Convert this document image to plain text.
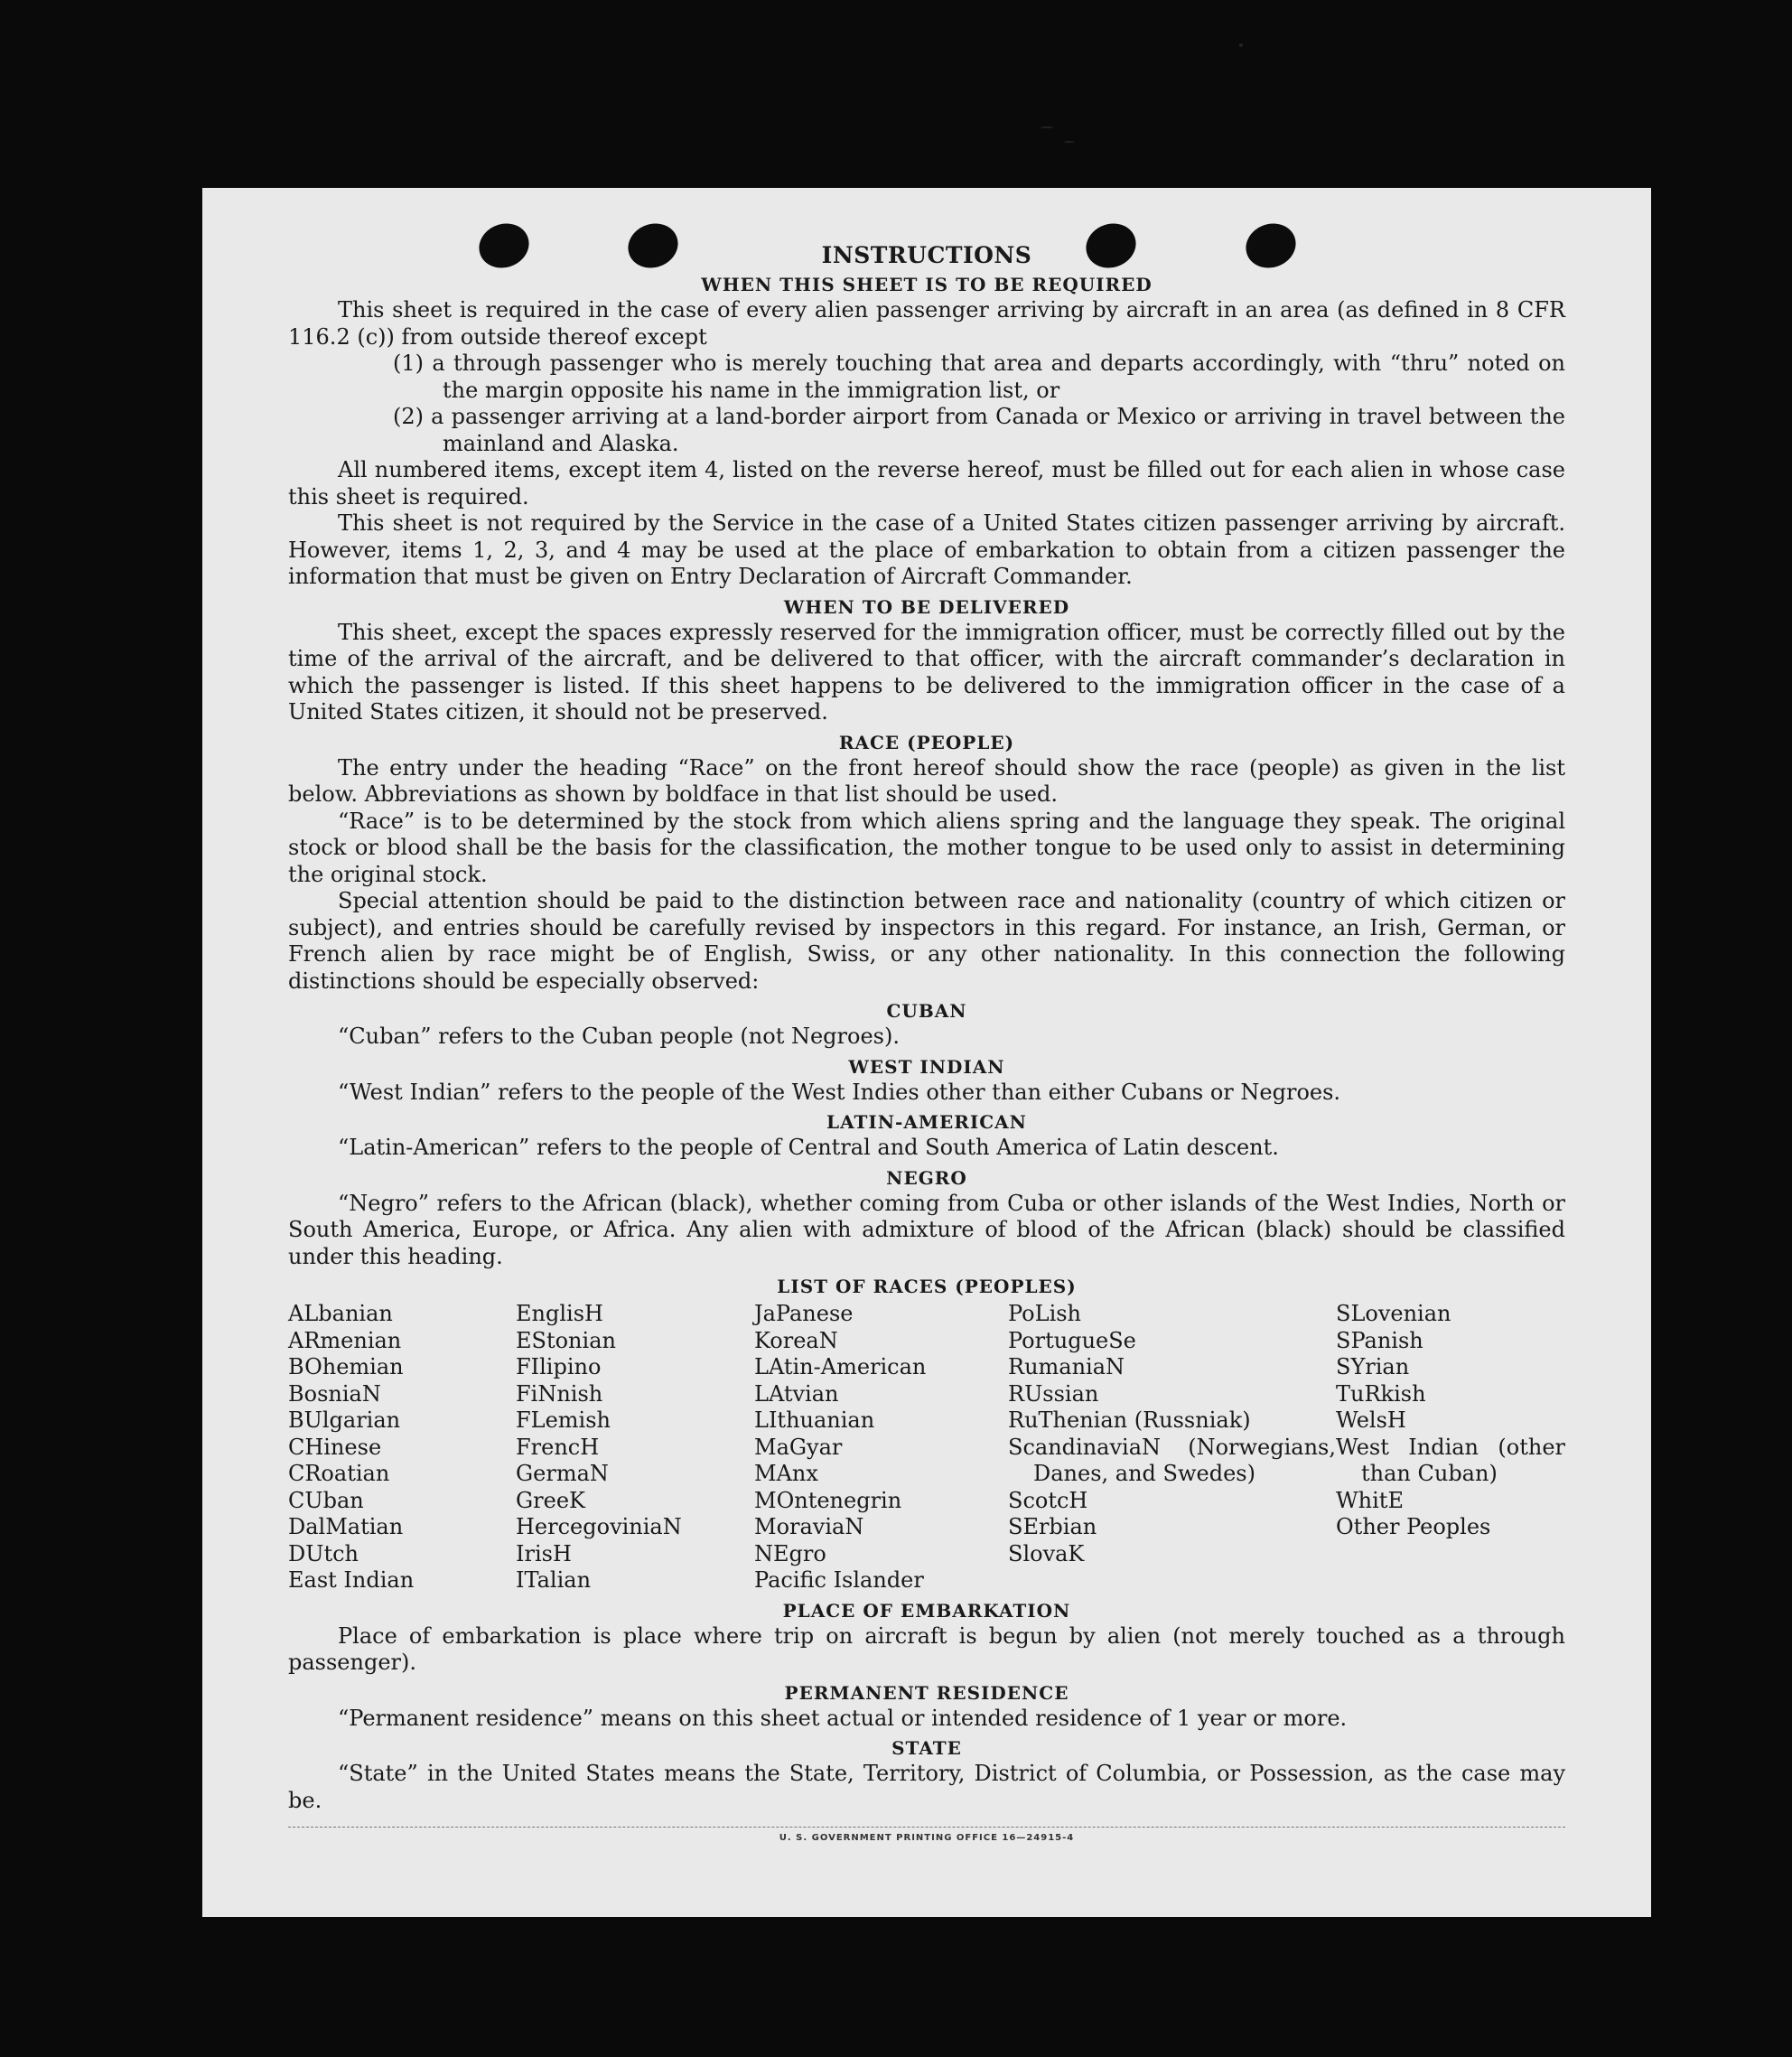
INSTRUCTIONS
WHEN THIS SHEET IS TO BE REQUIRED

This sheet is required in the case of every alien passenger arriving by aircraft in an area (as defined in 8 CFR 116.2 (c)) from outside thereof except

(1) a through passenger who is merely touching that area and departs accordingly, with “thru” noted on the margin opposite his name in the immigration list, or

(2) a passenger arriving at a land-border airport from Canada or Mexico or arriving in travel between the mainland and Alaska.

All numbered items, except item 4, listed on the reverse hereof, must be filled out for each alien in whose case this sheet is required.

This sheet is not required by the Service in the case of a United States citizen passenger arriving by aircraft. However, items 1, 2, 3, and 4 may be used at the place of embarkation to obtain from a citizen passenger the information that must be given on Entry Declaration of Aircraft Commander.

WHEN TO BE DELIVERED

This sheet, except the spaces expressly reserved for the immigration officer, must be correctly filled out by the time of the arrival of the aircraft, and be delivered to that officer, with the aircraft commander’s declaration in which the passenger is listed. If this sheet happens to be delivered to the immigration officer in the case of a United States citizen, it should not be preserved.

RACE (PEOPLE)

The entry under the heading “Race” on the front hereof should show the race (people) as given in the list below. Abbreviations as shown by boldface in that list should be used.

“Race” is to be determined by the stock from which aliens spring and the language they speak. The original stock or blood shall be the basis for the classification, the mother tongue to be used only to assist in determining the original stock.

Special attention should be paid to the distinction between race and nationality (country of which citizen or subject), and entries should be carefully revised by inspectors in this regard. For instance, an Irish, German, or French alien by race might be of English, Swiss, or any other nationality. In this connection the following distinctions should be especially observed:

CUBAN

“Cuban” refers to the Cuban people (not Negroes).

WEST INDIAN

“West Indian” refers to the people of the West Indies other than either Cubans or Negroes.

LATIN-AMERICAN

“Latin-American” refers to the people of Central and South America of Latin descent.

NEGRO

“Negro” refers to the African (black), whether coming from Cuba or other islands of the West Indies, North or South America, Europe, or Africa. Any alien with admixture of blood of the African (black) should be classified under this heading.

LIST OF RACES (PEOPLES)
ALbanian
ARmenian
BOhemian
BosniaN
BUlgarian
CHinese
CRoatian
CUban
DalMatian
DUtch
East Indian
EnglisH
EStonian
FIlipino
FiNnish
FLemish
FrencH
GermaN
GreeK
HercegoviniaN
IrisH
ITalian
JaPanese
KoreaN
LAtin-American
LAtvian
LIthuanian
MaGyar
MAnx
MOntenegrin
MoraviaN
NEgro
Pacific Islander
PoLish
PortugueSe
RumaniaN
RUssian
RuThenian (Russniak)
ScandinaviaN (Norwegians, Danes, and Swedes)
ScotcH
SErbian
SlovaK
SLovenian
SPanish
SYrian
TuRkish
WelsH
West Indian (other than Cuban)
WhitE
Other Peoples
PLACE OF EMBARKATION

Place of embarkation is place where trip on aircraft is begun by alien (not merely touched as a through passenger).

PERMANENT RESIDENCE

“Permanent residence” means on this sheet actual or intended residence of 1 year or more.

STATE

“State” in the United States means the State, Territory, District of Columbia, or Possession, as the case may be.

U. S. GOVERNMENT PRINTING OFFICE 16—24915-4
